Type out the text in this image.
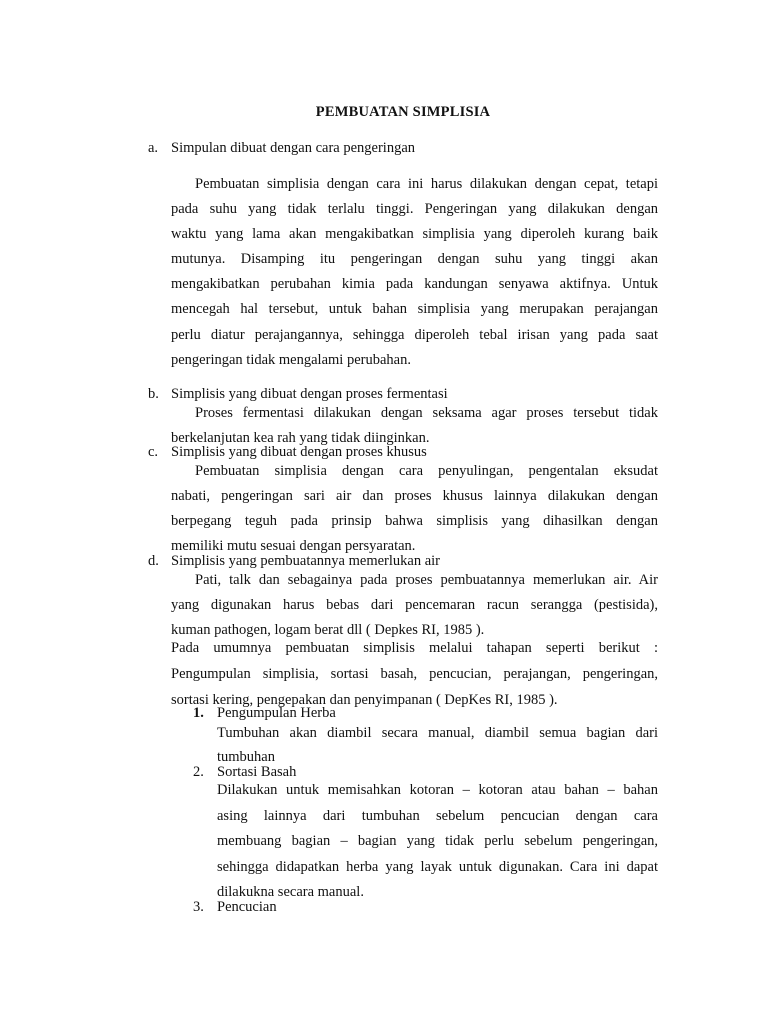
PEMBUATAN SIMPLISIA
a. Simpulan dibuat dengan cara pengeringan
Pembuatan simplisia dengan cara ini harus dilakukan dengan cepat, tetapi
pada suhu yang tidak terlalu tinggi. Pengeringan yang dilakukan dengan
waktu yang lama akan mengakibatkan simplisia yang diperoleh kurang baik
mutunya. Disamping itu pengeringan dengan suhu yang tinggi akan
mengakibatkan perubahan kimia pada kandungan senyawa aktifnya. Untuk
mencegah hal tersebut, untuk bahan simplisia yang merupakan perajangan
perlu diatur perajangannya, sehingga diperoleh tebal irisan yang pada saat
pengeringan tidak mengalami perubahan.
b. Simplisis yang dibuat dengan proses fermentasi
Proses fermentasi dilakukan dengan seksama agar proses tersebut tidak
berkelanjutan kea rah yang tidak diinginkan.
c. Simplisis yang dibuat dengan proses khusus
Pembuatan simplisia dengan cara penyulingan, pengentalan eksudat
nabati, pengeringan sari air dan proses khusus lainnya dilakukan dengan
berpegang teguh pada prinsip bahwa simplisis yang dihasilkan dengan
memiliki mutu sesuai dengan persyaratan.
d. Simplisis yang pembuatannya memerlukan air
Pati, talk dan sebagainya pada proses pembuatannya memerlukan air. Air
yang digunakan harus bebas dari pencemaran racun serangga (pestisida),
kuman pathogen, logam berat dll ( Depkes RI, 1985 ).
Pada umumnya pembuatan simplisis melalui tahapan seperti berikut :
Pengumpulan simplisia, sortasi basah, pencucian, perajangan, pengeringan,
sortasi kering, pengepakan dan penyimpanan ( DepKes RI, 1985 ).
1. Pengumpulan Herba
Tumbuhan akan diambil secara manual, diambil semua bagian dari
tumbuhan
2. Sortasi Basah
Dilakukan untuk memisahkan kotoran – kotoran atau bahan – bahan
asing lainnya dari tumbuhan sebelum pencucian dengan cara
membuang bagian – bagian yang tidak perlu sebelum pengeringan,
sehingga didapatkan herba yang layak untuk digunakan. Cara ini dapat
dilakukna secara manual.
3. Pencucian
